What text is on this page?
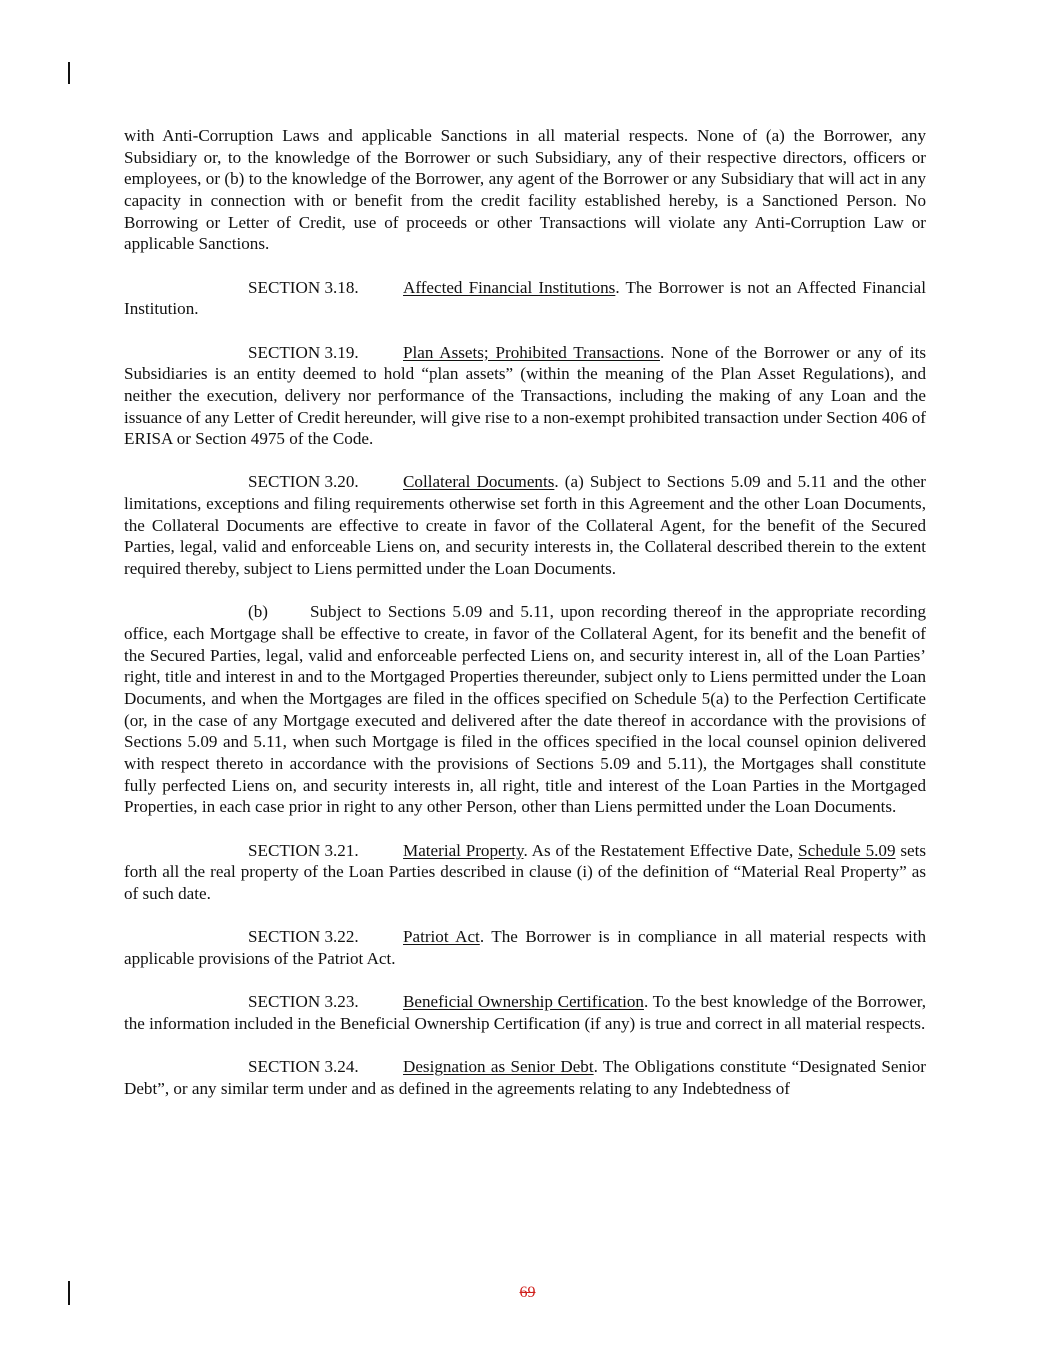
with Anti-Corruption Laws and applicable Sanctions in all material respects. None of (a) the Borrower, any Subsidiary or, to the knowledge of the Borrower or such Subsidiary, any of their respective directors, officers or employees, or (b) to the knowledge of the Borrower, any agent of the Borrower or any Subsidiary that will act in any capacity in connection with or benefit from the credit facility established hereby, is a Sanctioned Person. No Borrowing or Letter of Credit, use of proceeds or other Transactions will violate any Anti-Corruption Law or applicable Sanctions.

SECTION 3.18.	Affected Financial Institutions. The Borrower is not an Affected Financial Institution.

SECTION 3.19.	Plan Assets; Prohibited Transactions. None of the Borrower or any of its Subsidiaries is an entity deemed to hold “plan assets” (within the meaning of the Plan Asset Regulations), and neither the execution, delivery nor performance of the Transactions, including the making of any Loan and the issuance of any Letter of Credit hereunder, will give rise to a non-exempt prohibited transaction under Section 406 of ERISA or Section 4975 of the Code.

SECTION 3.20.	Collateral Documents. (a) Subject to Sections 5.09 and 5.11 and the other limitations, exceptions and filing requirements otherwise set forth in this Agreement and the other Loan Documents, the Collateral Documents are effective to create in favor of the Collateral Agent, for the benefit of the Secured Parties, legal, valid and enforceable Liens on, and security interests in, the Collateral described therein to the extent required thereby, subject to Liens permitted under the Loan Documents.

(b) Subject to Sections 5.09 and 5.11, upon recording thereof in the appropriate recording office, each Mortgage shall be effective to create, in favor of the Collateral Agent, for its benefit and the benefit of the Secured Parties, legal, valid and enforceable perfected Liens on, and security interest in, all of the Loan Parties’ right, title and interest in and to the Mortgaged Properties thereunder, subject only to Liens permitted under the Loan Documents, and when the Mortgages are filed in the offices specified on Schedule 5(a) to the Perfection Certificate (or, in the case of any Mortgage executed and delivered after the date thereof in accordance with the provisions of Sections 5.09 and 5.11, when such Mortgage is filed in the offices specified in the local counsel opinion delivered with respect thereto in accordance with the provisions of Sections 5.09 and 5.11), the Mortgages shall constitute fully perfected Liens on, and security interests in, all right, title and interest of the Loan Parties in the Mortgaged Properties, in each case prior in right to any other Person, other than Liens permitted under the Loan Documents.

SECTION 3.21.	Material Property. As of the Restatement Effective Date, Schedule 5.09 sets forth all the real property of the Loan Parties described in clause (i) of the definition of “Material Real Property” as of such date.

SECTION 3.22.	Patriot Act. The Borrower is in compliance in all material respects with applicable provisions of the Patriot Act.

SECTION 3.23.	Beneficial Ownership Certification. To the best knowledge of the Borrower, the information included in the Beneficial Ownership Certification (if any) is true and correct in all material respects.

SECTION 3.24.	Designation as Senior Debt. The Obligations constitute “Designated Senior Debt”, or any similar term under and as defined in the agreements relating to any Indebtedness of

69
